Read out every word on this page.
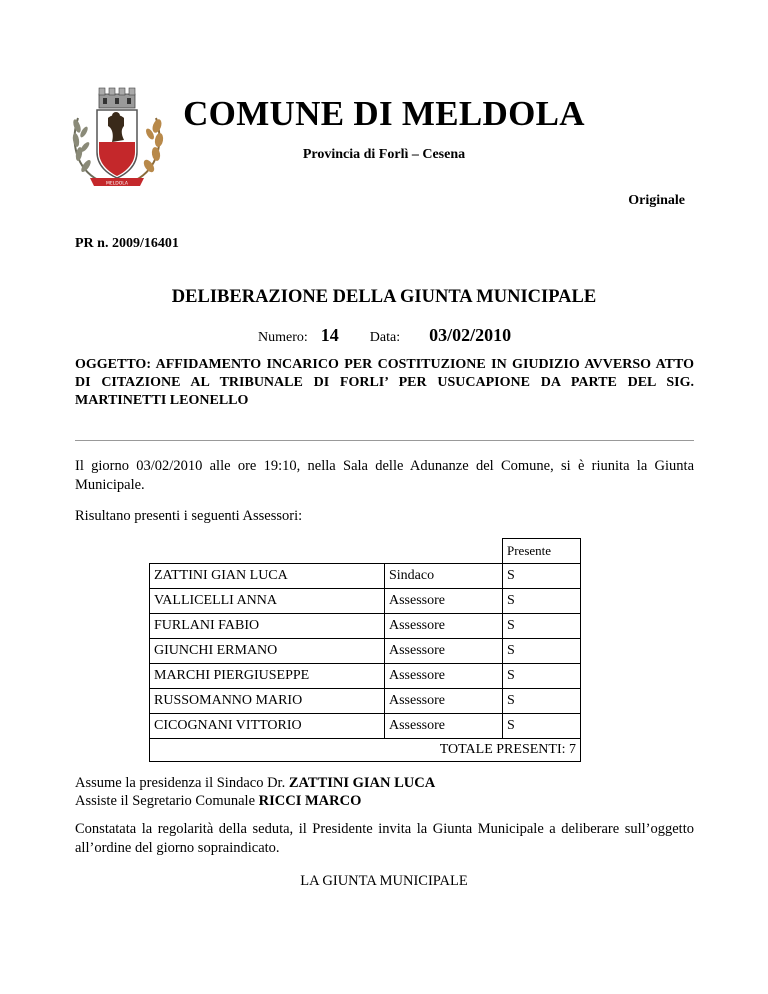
MELDOLA
COMUNE DI MELDOLA
Provincia di Forlì – Cesena
Originale
PR n. 2009/16401
DELIBERAZIONE DELLA GIUNTA MUNICIPALE
Numero: 14 Data: 03/02/2010
OGGETTO: AFFIDAMENTO INCARICO PER COSTITUZIONE IN GIUDIZIO AVVERSO ATTO DI CITAZIONE AL TRIBUNALE DI FORLI’ PER USUCAPIONE DA PARTE DEL SIG. MARTINETTI LEONELLO
Il giorno 03/02/2010 alle ore 19:10, nella Sala delle Adunanze del Comune, si è riunita la Giunta Municipale.
Risultano presenti i seguenti Assessori:
		Presente
ZATTINI GIAN LUCA	Sindaco	S
VALLICELLI ANNA	Assessore	S
FURLANI FABIO	Assessore	S
GIUNCHI ERMANO	Assessore	S
MARCHI PIERGIUSEPPE	Assessore	S
RUSSOMANNO MARIO	Assessore	S
CICOGNANI VITTORIO	Assessore	S
TOTALE PRESENTI: 7		
Assume la presidenza il Sindaco Dr. ZATTINI GIAN LUCA
Assiste il Segretario Comunale RICCI MARCO
Constatata la regolarità della seduta, il Presidente invita la Giunta Municipale a deliberare sull’oggetto all’ordine del giorno sopraindicato.
LA GIUNTA MUNICIPALE
